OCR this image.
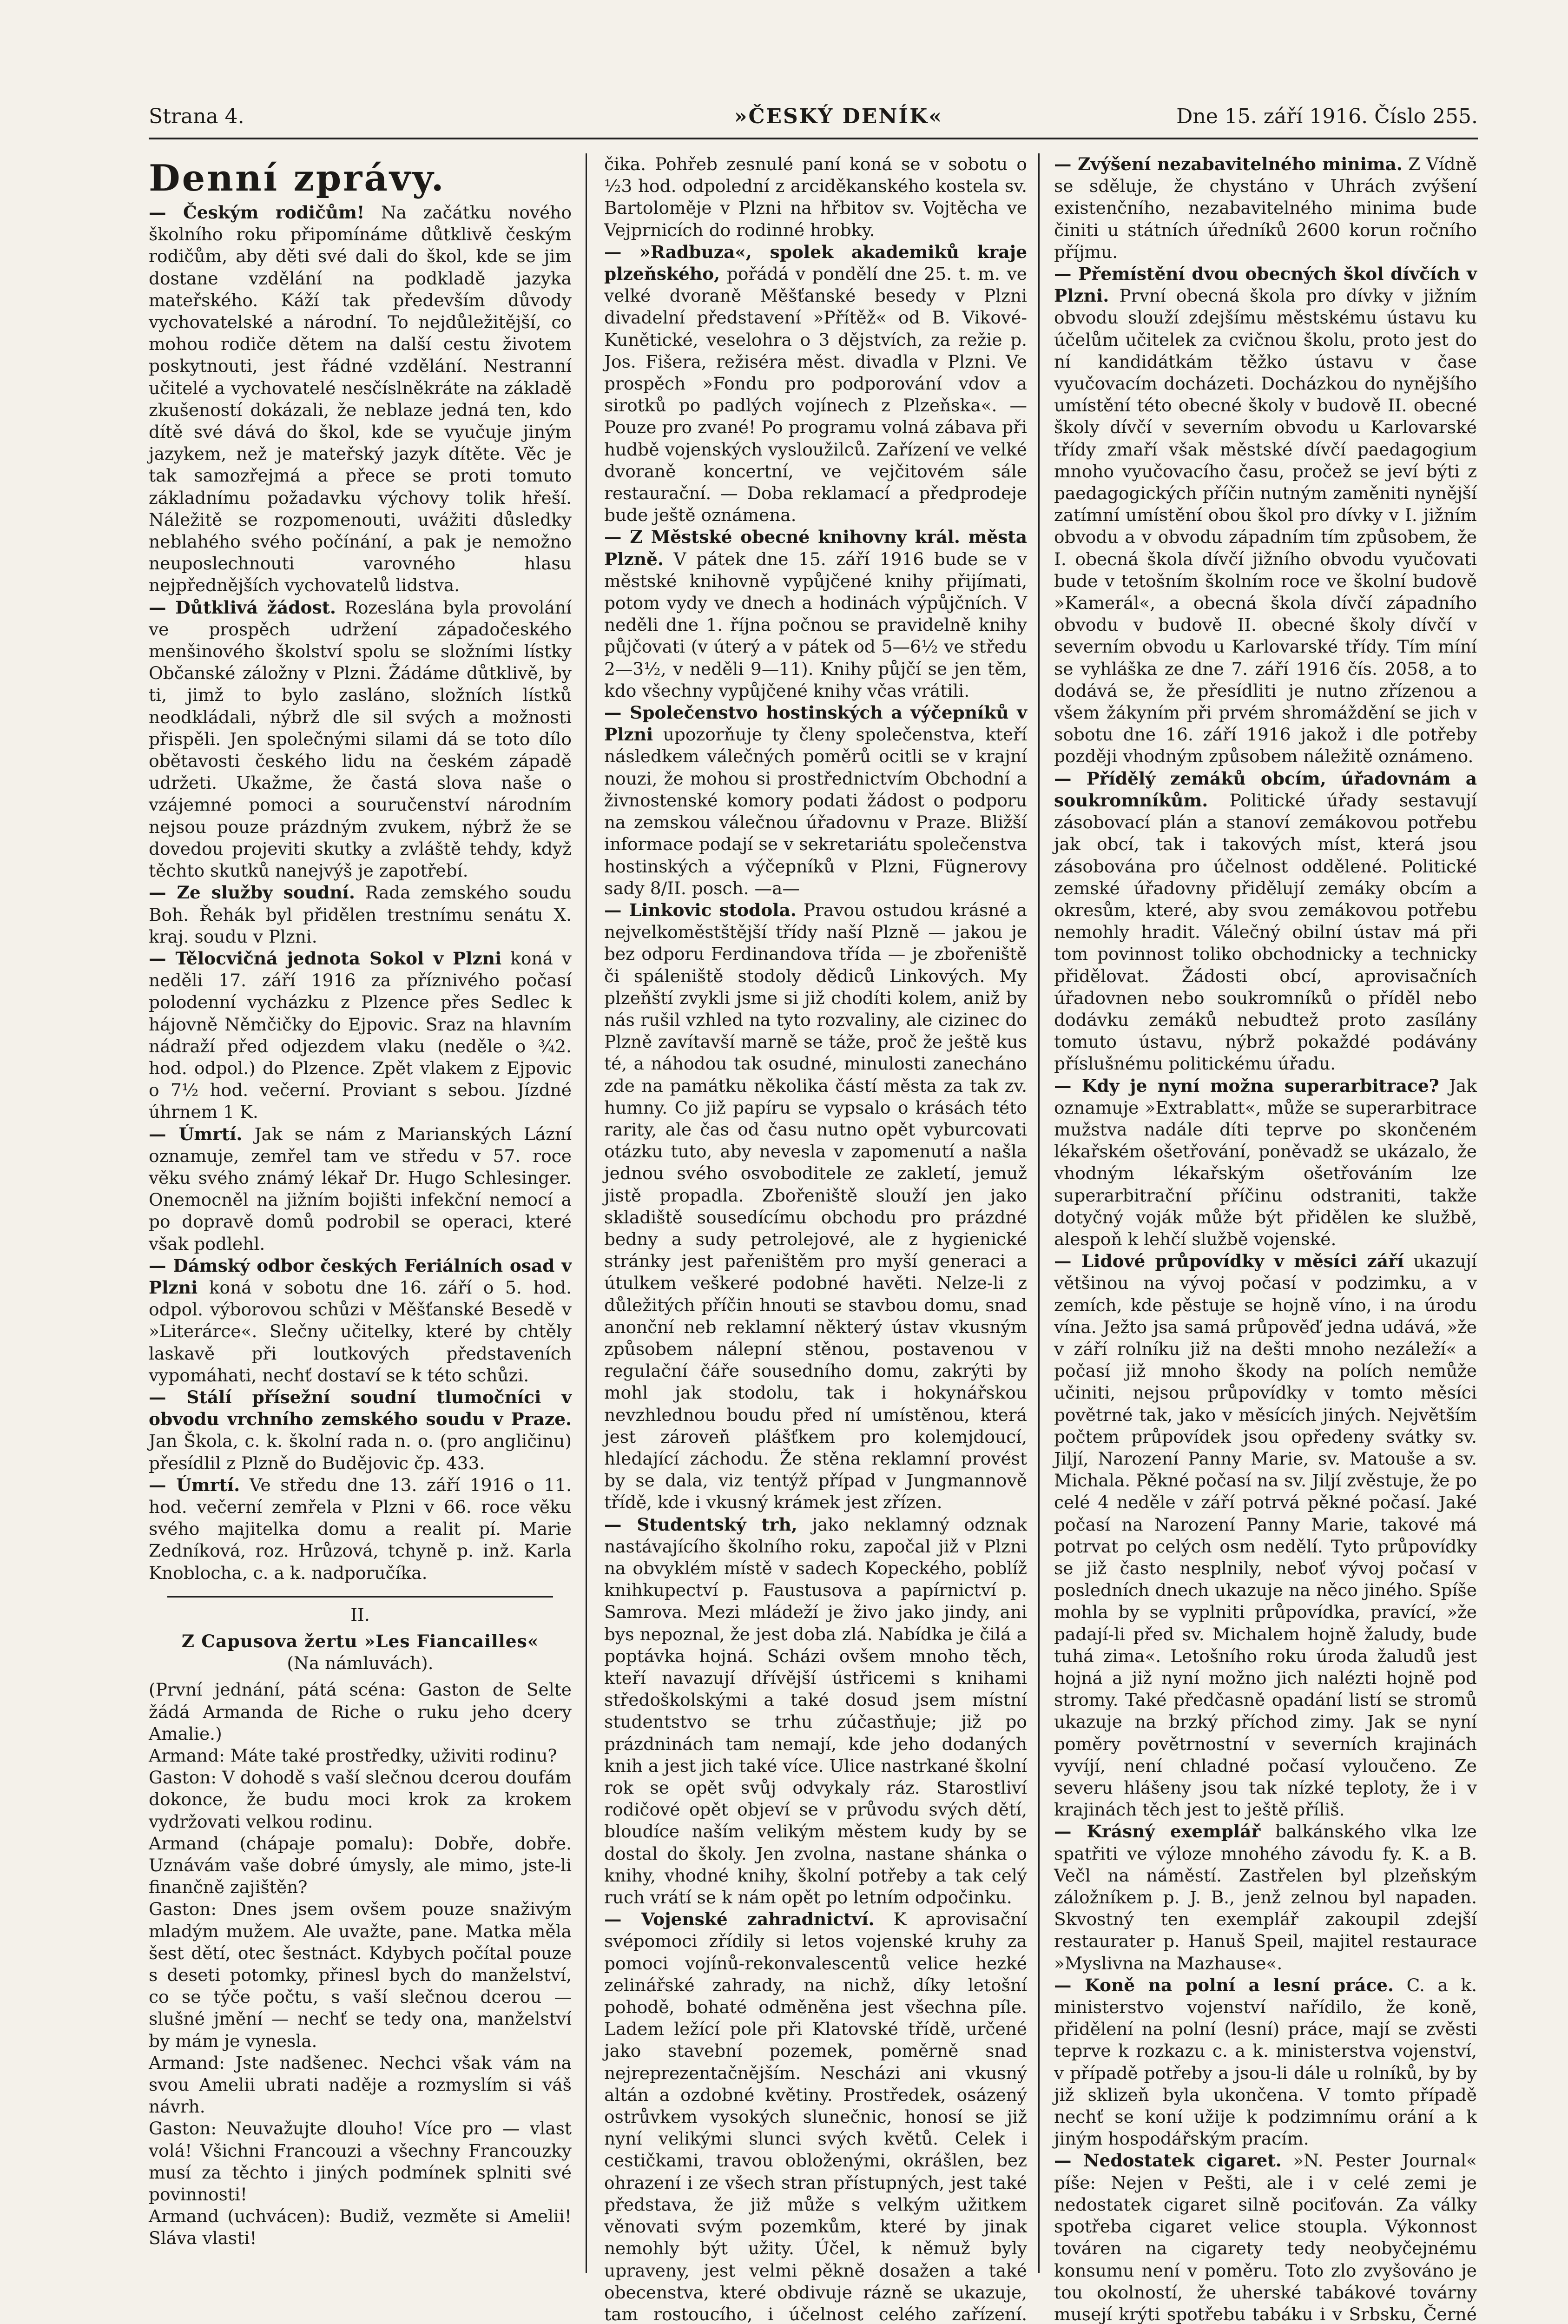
Strana 4.	»ČESKÝ DENÍK«	Dne 15. září 1916. Číslo 255.
Denní zprávy.

— Českým rodičům! Na začátku nového školního roku připomínáme důtklivě českým rodičům, aby děti své dali do škol, kde se jim dostane vzdělání na podkladě jazyka mateřského. Káží tak především důvody vychovatelské a národní. To nejdůležitější, co mohou rodiče dětem na další cestu životem poskytnouti, jest řádné vzdělání. Nestranní učitelé a vychovatelé nesčíslněkráte na základě zkušeností dokázali, že neblaze jedná ten, kdo dítě své dává do škol, kde se vyučuje jiným jazykem, než je mateřský jazyk dítěte. Věc je tak samozřejmá a přece se proti tomuto základnímu požadavku výchovy tolik hřeší. Náležitě se rozpomenouti, uvážiti důsledky neblahého svého počínání, a pak je nemožno neuposlechnouti varovného hlasu nejpřednějších vychovatelů lidstva.

— Důtklivá žádost. Rozeslána byla provolání ve prospěch udržení západočeského menšinového školství spolu se složními lístky Občanské záložny v Plzni. Žádáme důtklivě, by ti, jimž to bylo zasláno, složních lístků neodkládali, nýbrž dle sil svých a možnosti přispěli. Jen společnými silami dá se toto dílo obětavosti českého lidu na českém západě udržeti. Ukažme, že častá slova naše o vzájemné pomoci a souručenství národním nejsou pouze prázdným zvukem, nýbrž že se dovedou projeviti skutky a zvláště tehdy, když těchto skutků nanejvýš je zapotřebí.

— Ze služby soudní. Rada zemského soudu Boh. Řehák byl přidělen trestnímu senátu X. kraj. soudu v Plzni.

— Tělocvičná jednota Sokol v Plzni koná v neděli 17. září 1916 za příznivého počasí polodenní vycházku z Plzence přes Sedlec k hájovně Němčičky do Ejpovic. Sraz na hlavním nádraží před odjezdem vlaku (neděle o ¾2. hod. odpol.) do Plzence. Zpět vlakem z Ejpovic o 7½ hod. večerní. Proviant s sebou. Jízdné úhrnem 1 K.

— Úmrtí. Jak se nám z Marianských Lázní oznamuje, zemřel tam ve středu v 57. roce věku svého známý lékař Dr. Hugo Schlesinger. Onemocněl na jižním bojišti infekční nemocí a po dopravě domů podrobil se operaci, které však podlehl.

— Dámský odbor českých Feriálních osad v Plzni koná v sobotu dne 16. září o 5. hod. odpol. výborovou schůzi v Měšťanské Besedě v »Literárce«. Slečny učitelky, které by chtěly laskavě při loutkových představeních vypomáhati, nechť dostaví se k této schůzi.

— Stálí přísežní soudní tlumočníci v obvodu vrchního zemského soudu v Praze. Jan Škola, c. k. školní rada n. o. (pro angličinu) přesídlil z Plzně do Budějovic čp. 433.

— Úmrtí. Ve středu dne 13. září 1916 o 11. hod. večerní zemřela v Plzni v 66. roce věku svého majitelka domu a realit pí. Marie Zedníková, roz. Hrůzová, tchyně p. inž. Karla Knoblocha, c. a k. nadporučíka.

II.
Z Capusova žertu »Les Fiancailles«
(Na námluvách).

(První jednání, pátá scéna: Gaston de Selte žádá Armanda de Riche o ruku jeho dcery Amalie.)

Armand: Máte také prostředky, uživiti rodinu?

Gaston: V dohodě s vaší slečnou dcerou doufám dokonce, že budu moci krok za krokem vydržovati velkou rodinu.

Armand (chápaje pomalu): Dobře, dobře. Uznávám vaše dobré úmysly, ale mimo, jste-li finančně zajištěn?

Gaston: Dnes jsem ovšem pouze snaživým mladým mužem. Ale uvažte, pane. Matka měla šest dětí, otec šestnáct. Kdybych počítal pouze s deseti potomky, přinesl bych do manželství, co se týče počtu, s vaší slečnou dcerou — slušné jmění — nechť se tedy ona, manželství by mám je vynesla.

Armand: Jste nadšenec. Nechci však vám na svou Amelii ubrati naděje a rozmyslím si váš návrh.

Gaston: Neuvažujte dlouho! Více pro — vlast volá! Všichni Francouzi a všechny Francouzky musí za těchto i jiných podmínek splniti své povinnosti!

Armand (uchvácen): Budiž, vezměte si Amelii! Sláva vlasti!

čika. Pohřeb zesnulé paní koná se v sobotu o ½3 hod. odpolední z arciděkanského kostela sv. Bartoloměje v Plzni na hřbitov sv. Vojtěcha ve Vejprnicích do rodinné hrobky.

— »Radbuza«, spolek akademiků kraje plzeňského, pořádá v pondělí dne 25. t. m. ve velké dvoraně Měšťanské besedy v Plzni divadelní představení »Přítěž« od B. Vikové-Kunětické, veselohra o 3 dějstvích, za režie p. Jos. Fišera, režiséra měst. divadla v Plzni. Ve prospěch »Fondu pro podporování vdov a sirotků po padlých vojínech z Plzeňska«. — Pouze pro zvané! Po programu volná zábava při hudbě vojenských vysloužilců. Zařízení ve velké dvoraně koncertní, ve vejčitovém sále restaurační. — Doba reklamací a předprodeje bude ještě oznámena.

— Z Městské obecné knihovny král. města Plzně. V pátek dne 15. září 1916 bude se v městské knihovně vypůjčené knihy přijímati, potom vydy ve dnech a hodinách výpůjčních. V neděli dne 1. října počnou se pravidelně knihy půjčovati (v úterý a v pátek od 5—6½ ve středu 2—3½, v neděli 9—11). Knihy půjčí se jen těm, kdo všechny vypůjčené knihy včas vrátili.

— Společenstvo hostinských a výčepníků v Plzni upozorňuje ty členy společenstva, kteří následkem válečných poměrů ocitli se v krajní nouzi, že mohou si prostřednictvím Obchodní a živnostenské komory podati žádost o podporu na zemskou válečnou úřadovnu v Praze. Bližší informace podají se v sekretariátu společenstva hostinských a výčepníků v Plzni, Fügnerovy sady 8/II. posch. —a—

— Linkovic stodola. Pravou ostudou krásné a nejvelkoměstštější třídy naší Plzně — jakou je bez odporu Ferdinandova třída — je zbořeniště či spáleniště stodoly dědiců Linkových. My plzeňští zvykli jsme si již chodíti kolem, aniž by nás rušil vzhled na tyto rozvaliny, ale cizinec do Plzně zavítavší marně se táže, proč že ještě kus té, a náhodou tak osudné, minulosti zanecháno zde na památku několika částí města za tak zv. humny. Co již papíru se vypsalo o krásách této rarity, ale čas od času nutno opět vyburcovati otázku tuto, aby nevesla v zapomenutí a našla jednou svého osvoboditele ze zakletí, jemuž jistě propadla. Zbořeniště slouží jen jako skladiště sousedícímu obchodu pro prázdné bedny a sudy petrolejové, ale z hygienické stránky jest pařeništěm pro myší generaci a útulkem veškeré podobné havěti. Nelze-li z důležitých příčin hnouti se stavbou domu, snad anonční neb reklamní některý ústav vkusným způsobem nálepní stěnou, postavenou v regulační čáře sousedního domu, zakrýti by mohl jak stodolu, tak i hokynářskou nevzhlednou boudu před ní umístěnou, která jest zároveň plášťkem pro kolemjdoucí, hledající záchodu. Že stěna reklamní provést by se dala, viz tentýž případ v Jungmannově třídě, kde i vkusný krámek jest zřízen.

— Studentský trh, jako neklamný odznak nastávajícího školního roku, započal již v Plzni na obvyklém místě v sadech Kopeckého, poblíž knihkupectví p. Faustusova a papírnictví p. Samrova. Mezi mládeží je živo jako jindy, ani bys nepoznal, že jest doba zlá. Nabídka je čilá a poptávka hojná. Scházi ovšem mnoho těch, kteří navazují dřívější ústřicemi s knihami středoškolskými a také dosud jsem místní studentstvo se trhu zúčastňuje; již po prázdninách tam nemají, kde jeho dodaných knih a jest jich také více. Ulice nastrkané školní rok se opět svůj odvykaly ráz. Starostliví rodičové opět objeví se v průvodu svých dětí, bloudíce naším velikým městem kudy by se dostal do školy. Jen zvolna, nastane shánka o knihy, vhodné knihy, školní potřeby a tak celý ruch vrátí se k nám opět po letním odpočinku.

— Vojenské zahradnictví. K aprovisační svépomoci zřídily si letos vojenské kruhy za pomoci vojínů-rekonvalescentů velice hezké zelinářské zahrady, na nichž, díky letošní pohodě, bohaté odměněna jest všechna píle. Ladem ležící pole při Klatovské třídě, určené jako stavební pozemek, poměrně snad nejreprezentačnějším. Nescházi ani vkusný altán a ozdobné květiny. Prostředek, osázený ostrůvkem vysokých slunečnic, honosí se již nyní velikými slunci svých květů. Celek i cestičkami, travou obloženými, okrášlen, bez ohrazení i ze všech stran přístupných, jest také představa, že již může s velkým užitkem věnovati svým pozemkům, které by jinak nemohly být užity. Účel, k němuž byly upraveny, jest velmi pěkně dosažen a také obecenstva, které obdivuje rázně se ukazuje, tam rostoucího, i účelnost celého zařízení.

— Zvýšení nezabavitelného minima. Z Vídně se sděluje, že chystáno v Uhrách zvýšení existenčního, nezabavitelného minima bude činiti u státních úředníků 2600 korun ročního příjmu.

— Přemístění dvou obecných škol dívčích v Plzni. První obecná škola pro dívky v jižním obvodu slouží zdejšímu městskému ústavu ku účelům učitelek za cvičnou školu, proto jest do ní kandidátkám těžko ústavu v čase vyučovacím docházeti. Docházkou do nynějšího umístění této obecné školy v budově II. obecné školy dívčí v severním obvodu u Karlovarské třídy zmaří však městské dívčí paedagogium mnoho vyučovacího času, pročež se jeví býti z paedagogických příčin nutným zaměniti nynější zatímní umístění obou škol pro dívky v I. jižním obvodu a v obvodu západním tím způsobem, že I. obecná škola dívčí jižního obvodu vyučovati bude v tetošním školním roce ve školní budově »Kamerál«, a obecná škola dívčí západního obvodu v budově II. obecné školy dívčí v severním obvodu u Karlovarské třídy. Tím míní se vyhláška ze dne 7. září 1916 čís. 2058, a to dodává se, že přesídliti je nutno zřízenou a všem žákyním při prvém shromáždění se jich v sobotu dne 16. září 1916 jakož i dle potřeby později vhodným způsobem náležitě oznámeno.

— Přídělý zemáků obcím, úřadovnám a soukromníkům. Politické úřady sestavují zásobovací plán a stanoví zemákovou potřebu jak obcí, tak i takových míst, která jsou zásobována pro účelnost oddělené. Politické zemské úřadovny přidělují zemáky obcím a okresům, které, aby svou zemákovou potřebu nemohly hradit. Válečný obilní ústav má při tom povinnost toliko obchodnicky a technicky přidělovat. Žádosti obcí, aprovisačních úřadovnen nebo soukromníků o příděl nebo dodávku zemáků nebudtež proto zasílány tomuto ústavu, nýbrž pokaždé podávány příslušnému politickému úřadu.

— Kdy je nyní možna superarbitrace? Jak oznamuje »Extrablatt«, může se superarbitrace mužstva nadále díti teprve po skončeném lékařském ošetřování, poněvadž se ukázalo, že vhodným lékařským ošetřováním lze superarbitrační příčinu odstraniti, takže dotyčný voják může být přidělen ke službě, alespoň k lehčí službě vojenské.

— Lidové průpovídky v měsíci září ukazují většinou na vývoj počasí v podzimku, a v zemích, kde pěstuje se hojně víno, i na úrodu vína. Ježto jsa samá průpověď jedna udává, »že v září rolníku již na dešti mnoho nezáleží« a počasí již mnoho škody na polích nemůže učiniti, nejsou průpovídky v tomto měsíci povětrné tak, jako v měsících jiných. Největším počtem průpovídek jsou opředeny svátky sv. Jiljí, Narození Panny Marie, sv. Matouše a sv. Michala. Pěkné počasí na sv. Jiljí zvěstuje, že po celé 4 neděle v září potrvá pěkné počasí. Jaké počasí na Narození Panny Marie, takové má potrvat po celých osm nedělí. Tyto průpovídky se již často nesplnily, neboť vývoj počasí v posledních dnech ukazuje na něco jiného. Spíše mohla by se vyplniti průpovídka, pravící, »že padají-li před sv. Michalem hojně žaludy, bude tuhá zima«. Letošního roku úroda žaludů jest hojná a již nyní možno jich nalézti hojně pod stromy. Také předčasně opadání listí se stromů ukazuje na brzký příchod zimy. Jak se nyní poměry povětrnostní v severních krajinách vyvíjí, není chladné počasí vyloučeno. Ze severu hlášeny jsou tak nízké teploty, že i v krajinách těch jest to ještě příliš.

— Krásný exemplář balkánského vlka lze spatřiti ve výloze mnohého závodu fy. K. a B. Večl na náměstí. Zastřelen byl plzeňským záložníkem p. J. B., jenž zelnou byl napaden. Skvostný ten exemplář zakoupil zdejší restaurater p. Hanuš Speil, majitel restaurace »Myslivna na Mazhause«.

— Koně na polní a lesní práce. C. a k. ministerstvo vojenství nařídilo, že koně, přidělení na polní (lesní) práce, mají se zvěsti teprve k rozkazu c. a k. ministerstva vojenství, v případě potřeby a jsou-li dále u rolníků, by by již sklizeň byla ukončena. V tomto případě nechť se koní užije k podzimnímu orání a k jiným hospodářským pracím.

— Nedostatek cigaret. »N. Pester Journal« píše: Nejen v Pešti, ale i v celé zemi je nedostatek cigaret silně pociťován. Za války spotřeba cigaret velice stoupla. Výkonnost továren na cigarety tedy neobyčejnému konsumu není v poměru. Toto zlo zvyšováno je tou okolností, že uherské tabákové továrny musejí krýti spotřebu tabáku i v Srbsku, Černé
